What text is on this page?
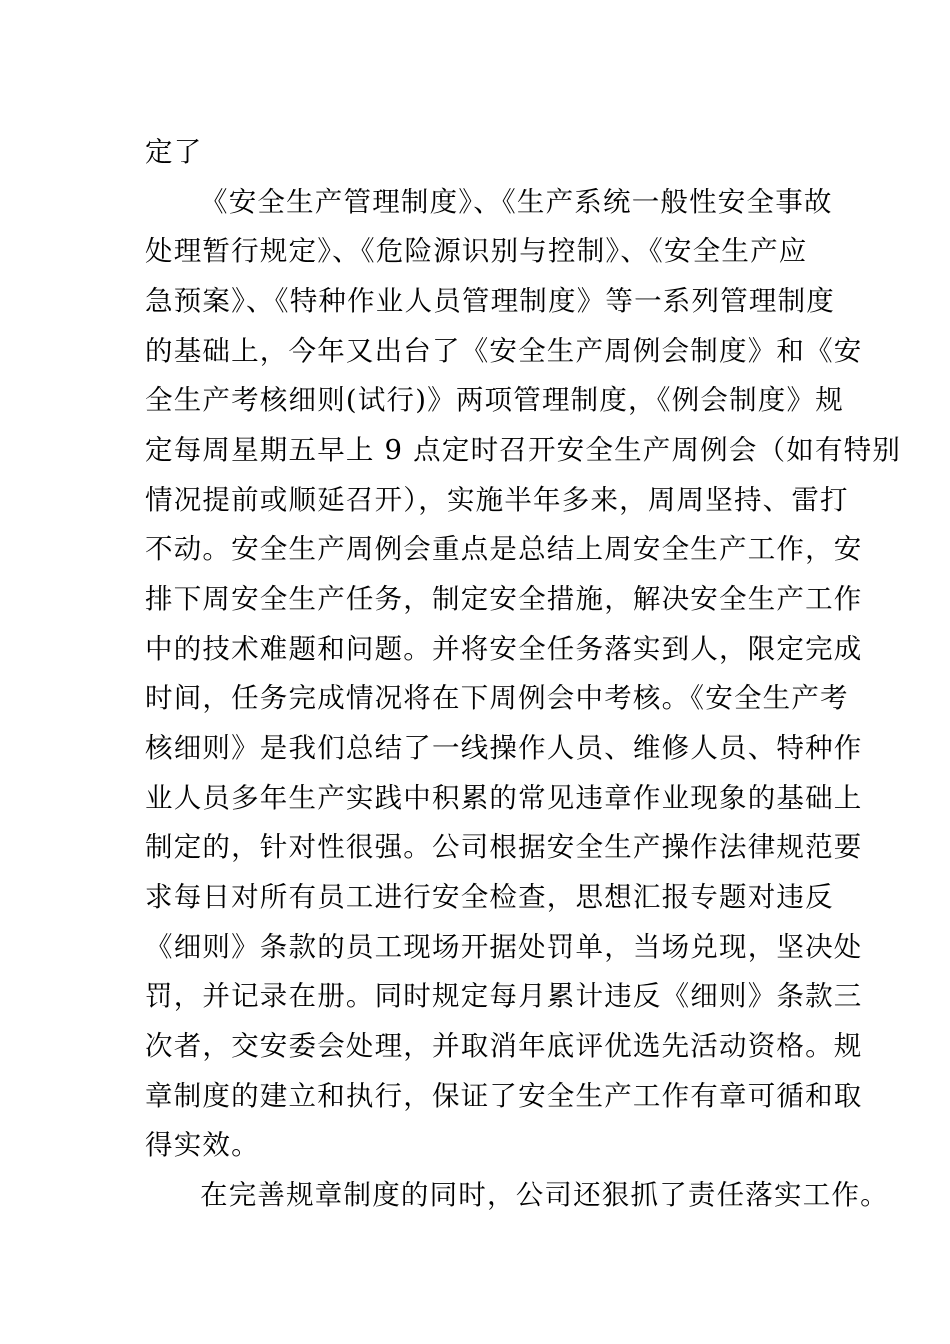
定了
《安全生产管理制度》、《生产系统一般性安全事故
处理暂行规定》、《危险源识别与控制》、《安全生产应
急预案》、《特种作业人员管理制度》等一系列管理制度
的基础上，今年又出台了《安全生产周例会制度》和《安
全生产考核细则(试行)》两项管理制度，《例会制度》规
定每周星期五早上 9 点定时召开安全生产周例会（如有特别
情况提前或顺延召开），实施半年多来，周周坚持、雷打
不动。安全生产周例会重点是总结上周安全生产工作，安
排下周安全生产任务，制定安全措施，解决安全生产工作
中的技术难题和问题。并将安全任务落实到人，限定完成
时间，任务完成情况将在下周例会中考核。《安全生产考
核细则》是我们总结了一线操作人员、维修人员、特种作
业人员多年生产实践中积累的常见违章作业现象的基础上
制定的，针对性很强。公司根据安全生产操作法律规范要
求每日对所有员工进行安全检查，思想汇报专题对违反
《细则》条款的员工现场开据处罚单，当场兑现，坚决处
罚，并记录在册。同时规定每月累计违反《细则》条款三
次者，交安委会处理，并取消年底评优选先活动资格。规
章制度的建立和执行，保证了安全生产工作有章可循和取
得实效。
在完善规章制度的同时，公司还狠抓了责任落实工作。
